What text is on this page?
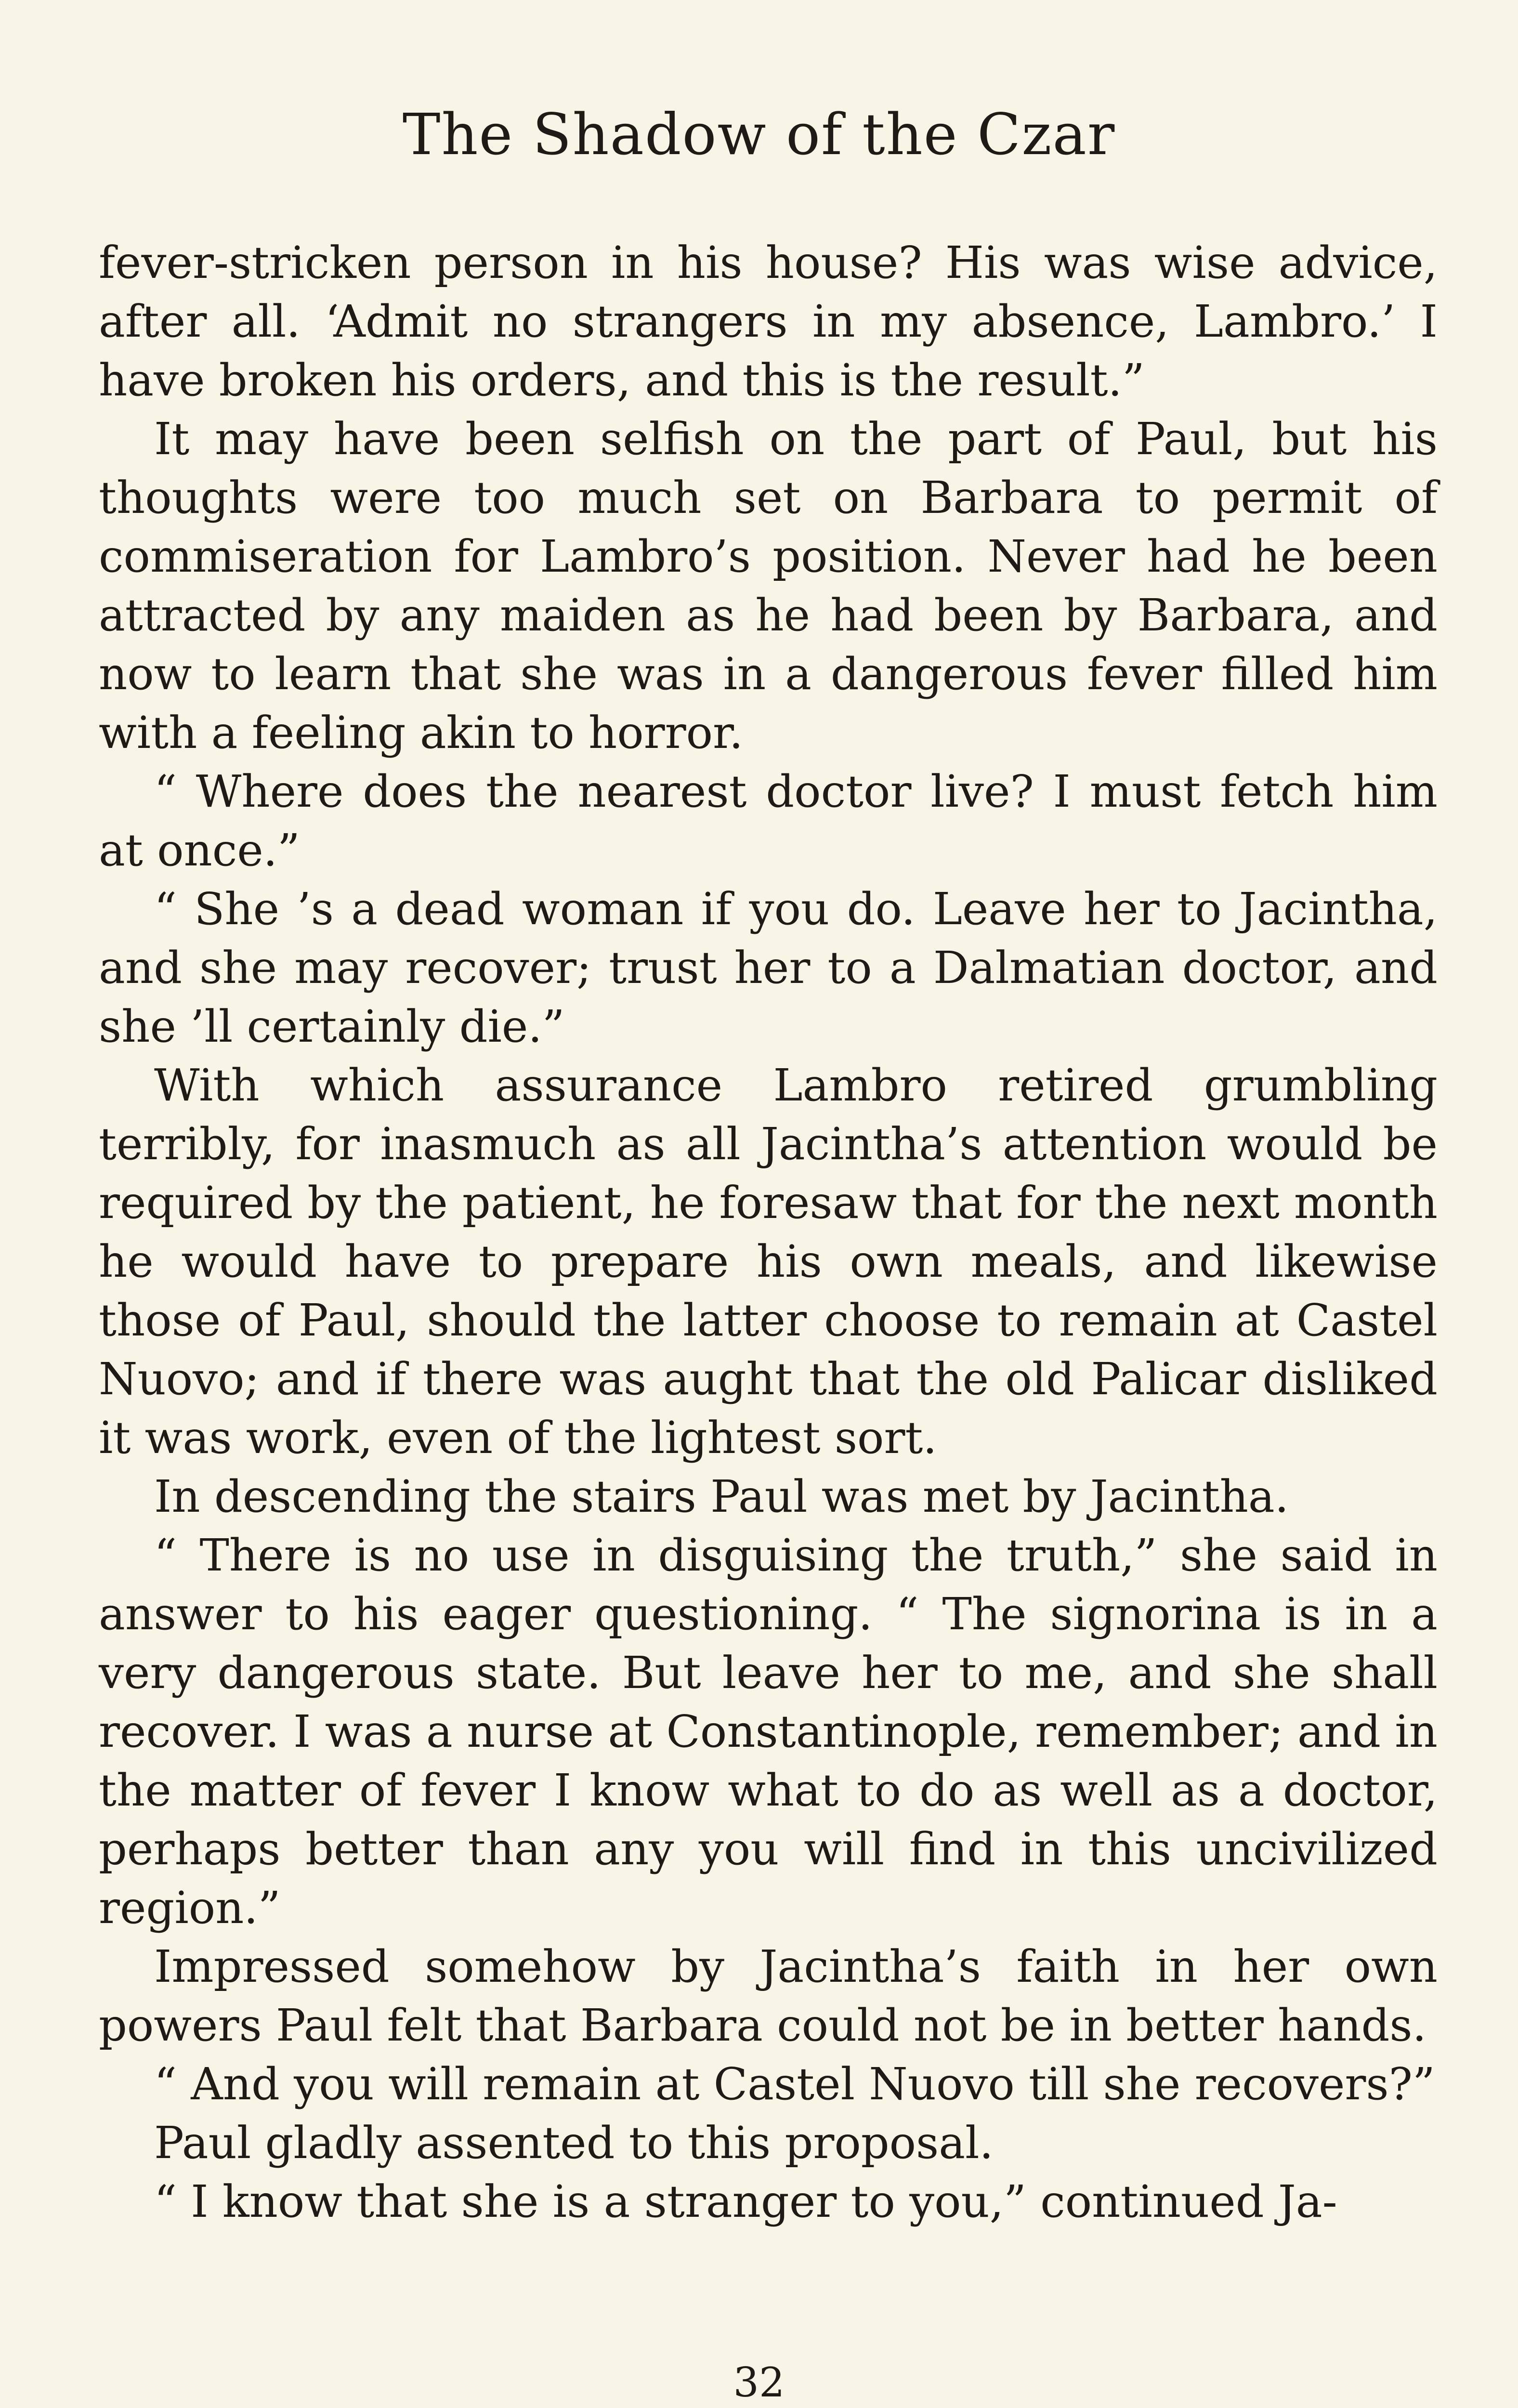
The Shadow of the Czar

fever-stricken person in his house? His was wise advice, after all. ‘Admit no strangers in my absence, Lambro.’ I have broken his orders, and this is the result.”

It may have been selfish on the part of Paul, but his thoughts were too much set on Barbara to permit of commiseration for Lambro’s position. Never had he been attracted by any maiden as he had been by Barbara, and now to learn that she was in a dangerous fever filled him with a feeling akin to horror.

“ Where does the nearest doctor live? I must fetch him at once.”

“ She ’s a dead woman if you do. Leave her to Jacintha, and she may recover; trust her to a Dalmatian doctor, and she ’ll certainly die.”

With which assurance Lambro retired grumbling terribly, for inasmuch as all Jacintha’s attention would be required by the patient, he foresaw that for the next month he would have to prepare his own meals, and likewise those of Paul, should the latter choose to remain at Castel Nuovo; and if there was aught that the old Palicar disliked it was work, even of the lightest sort.

In descending the stairs Paul was met by Jacintha.

“ There is no use in disguising the truth,” she said in answer to his eager questioning. “ The signorina is in a very dangerous state. But leave her to me, and she shall recover. I was a nurse at Constantinople, remember; and in the matter of fever I know what to do as well as a doctor, perhaps better than any you will find in this uncivilized region.”

Impressed somehow by Jacintha’s faith in her own powers Paul felt that Barbara could not be in better hands.

“ And you will remain at Castel Nuovo till she recovers?”

Paul gladly assented to this proposal.

“ I know that she is a stranger to you,” continued Ja-

32
